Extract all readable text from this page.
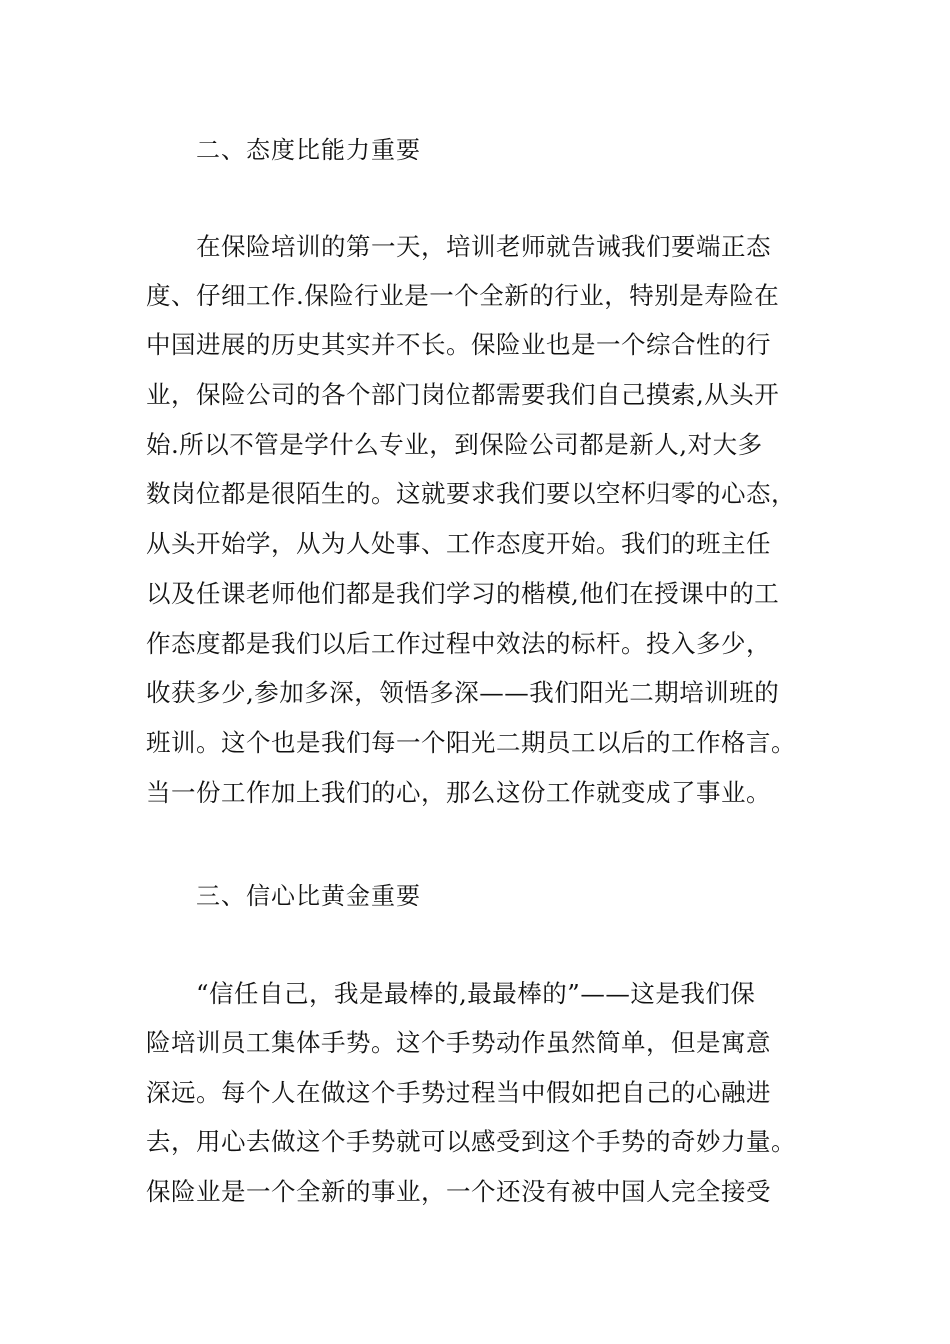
二、态度比能力重要
在保险培训的第一天，培训老师就告诫我们要端正态
度、仔细工作.保险行业是一个全新的行业，特别是寿险在
中国进展的历史其实并不长。保险业也是一个综合性的行
业，保险公司的各个部门岗位都需要我们自己摸索,从头开
始.所以不管是学什么专业，到保险公司都是新人,对大多
数岗位都是很陌生的。这就要求我们要以空杯归零的心态，
从头开始学，从为人处事、工作态度开始。我们的班主任
以及任课老师他们都是我们学习的楷模,他们在授课中的工
作态度都是我们以后工作过程中效法的标杆。投入多少，
收获多少,参加多深，领悟多深——我们阳光二期培训班的
班训。这个也是我们每一个阳光二期员工以后的工作格言。
当一份工作加上我们的心，那么这份工作就变成了事业。
三、信心比黄金重要
“信任自己，我是最棒的,最最棒的”——这是我们保
险培训员工集体手势。这个手势动作虽然简单，但是寓意
深远。每个人在做这个手势过程当中假如把自己的心融进
去，用心去做这个手势就可以感受到这个手势的奇妙力量。
保险业是一个全新的事业，一个还没有被中国人完全接受
